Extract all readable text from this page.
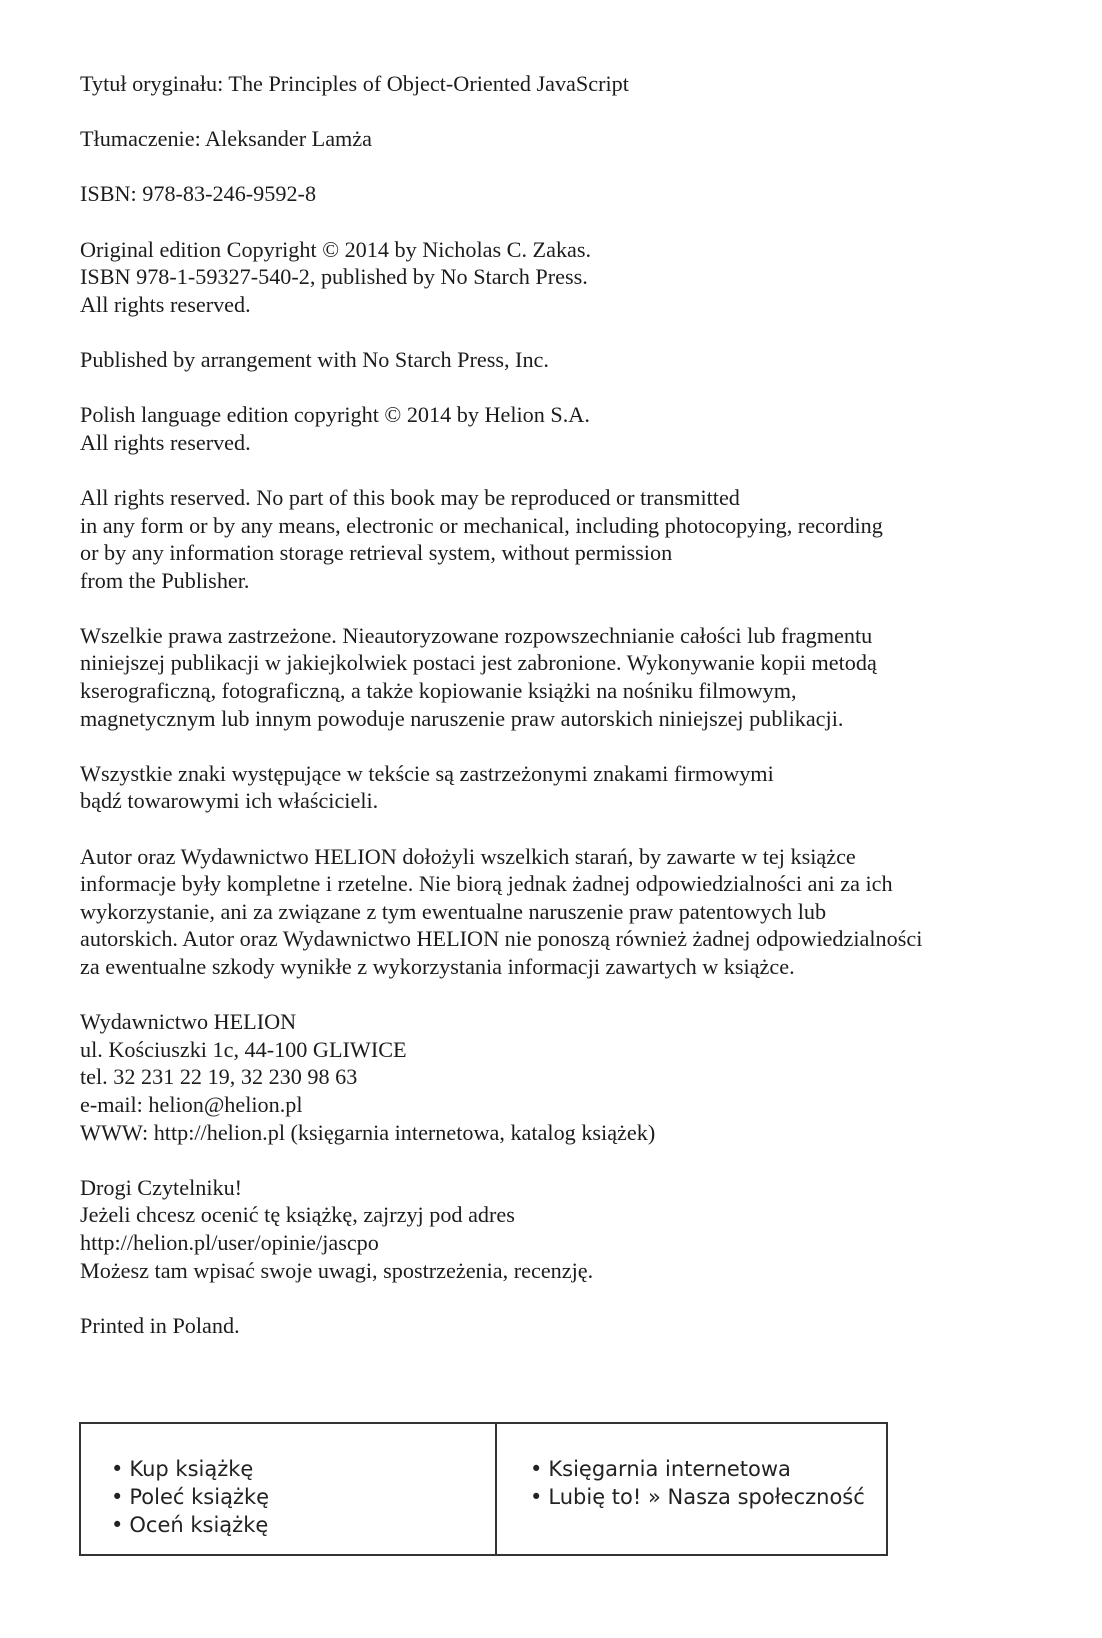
Tytuł oryginału: The Principles of Object-Oriented JavaScript
Tłumaczenie: Aleksander Lamża
ISBN: 978-83-246-9592-8
Original edition Copyright © 2014 by Nicholas C. Zakas.
ISBN 978-1-59327-540-2, published by No Starch Press.
All rights reserved.
Published by arrangement with No Starch Press, Inc.
Polish language edition copyright © 2014 by Helion S.A.
All rights reserved.
All rights reserved. No part of this book may be reproduced or transmitted
in any form or by any means, electronic or mechanical, including photocopying, recording
or by any information storage retrieval system, without permission
from the Publisher.
Wszelkie prawa zastrzeżone. Nieautoryzowane rozpowszechnianie całości lub fragmentu
niniejszej publikacji w jakiejkolwiek postaci jest zabronione. Wykonywanie kopii metodą
kserograficzną, fotograficzną, a także kopiowanie książki na nośniku filmowym,
magnetycznym lub innym powoduje naruszenie praw autorskich niniejszej publikacji.
Wszystkie znaki występujące w tekście są zastrzeżonymi znakami firmowymi
bądź towarowymi ich właścicieli.
Autor oraz Wydawnictwo HELION dołożyli wszelkich starań, by zawarte w tej książce
informacje były kompletne i rzetelne. Nie biorą jednak żadnej odpowiedzialności ani za ich
wykorzystanie, ani za związane z tym ewentualne naruszenie praw patentowych lub
autorskich. Autor oraz Wydawnictwo HELION nie ponoszą również żadnej odpowiedzialności
za ewentualne szkody wynikłe z wykorzystania informacji zawartych w książce.
Wydawnictwo HELION
ul. Kościuszki 1c, 44-100 GLIWICE
tel. 32 231 22 19, 32 230 98 63
e-mail: helion@helion.pl
WWW: http://helion.pl (księgarnia internetowa, katalog książek)
Drogi Czytelniku!
Jeżeli chcesz ocenić tę książkę, zajrzyj pod adres
http://helion.pl/user/opinie/jascpo
Możesz tam wpisać swoje uwagi, spostrzeżenia, recenzję.
Printed in Poland.
• Kup książkę
• Poleć książkę
• Oceń książkę
• Księgarnia internetowa
• Lubię to! » Nasza społeczność
